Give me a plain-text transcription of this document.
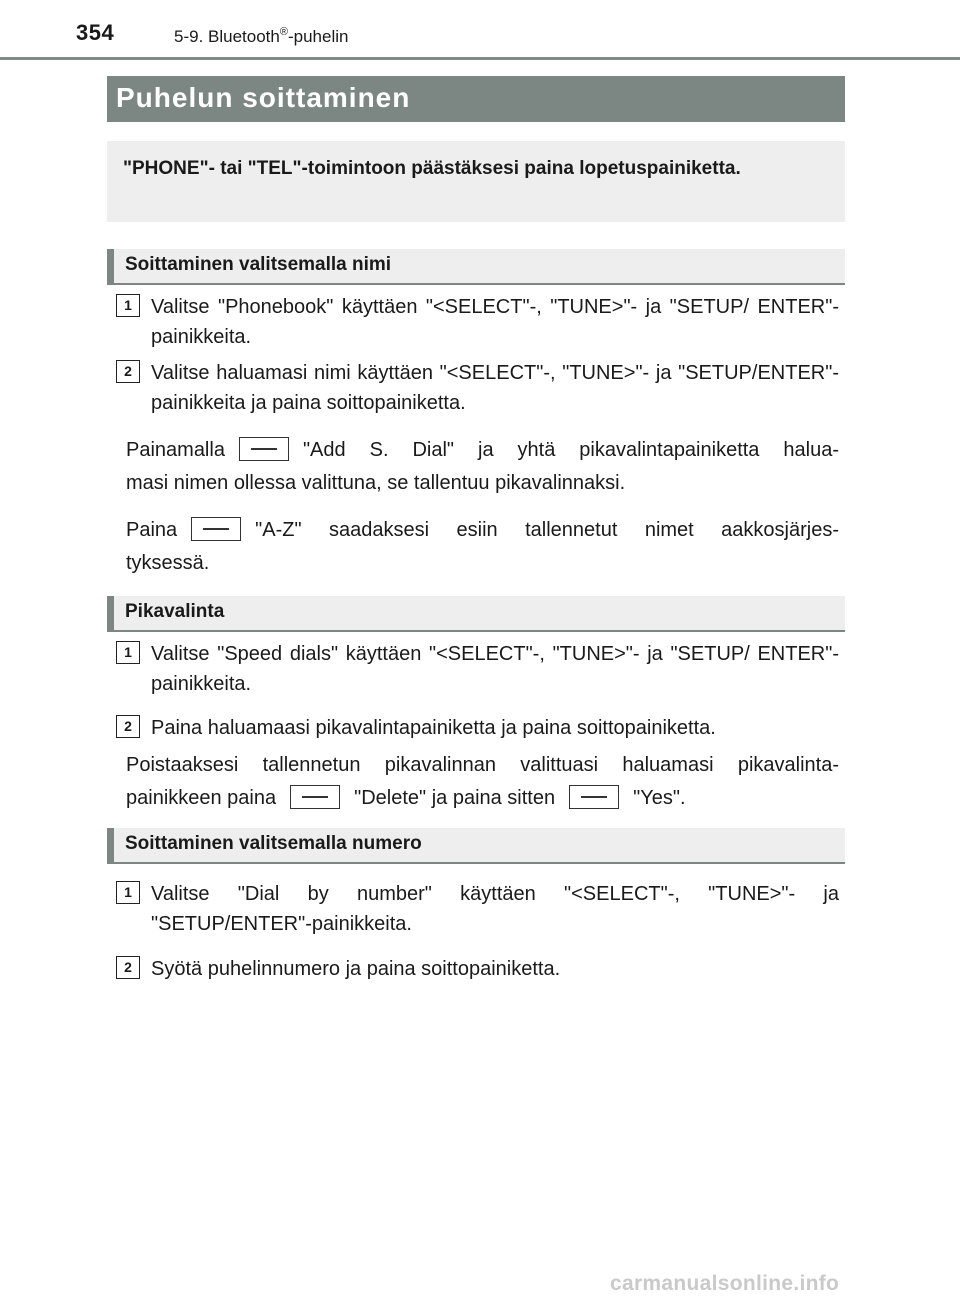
354	5-9. Bluetooth®-puhelin
Puhelun soittaminen
"PHONE"- tai "TEL"-toimintoon päästäksesi paina lopetuspainiketta.
Soittaminen valitsemalla nimi
1 Valitse "Phonebook" käyttäen "<SELECT"-, "TUNE>"- ja "SETUP/ ENTER"-painikkeita.
2 Valitse haluamasi nimi käyttäen "<SELECT"-, "TUNE>"- ja "SETUP/ENTER"-painikkeita ja paina soittopainiketta.
Painamalla	"Add S. Dial" ja yhtä pikavalintapainiketta halua-
masi nimen ollessa valittuna, se tallentuu pikavalinnaksi.
Paina	"A-Z" saadaksesi esiin tallennetut nimet aakkosjärjes-
tyksessä.
Pikavalinta
1 Valitse "Speed dials" käyttäen "<SELECT"-, "TUNE>"- ja "SETUP/ ENTER"-painikkeita.
2 Paina haluamaasi pikavalintapainiketta ja paina soittopainiketta.
Poistaaksesi tallennetun pikavalinnan valittuasi haluamasi pikavalinta-
painikkeen paina	"Delete" ja paina sitten	"Yes".
Soittaminen valitsemalla numero
1 Valitse "Dial by number" käyttäen "<SELECT"-, "TUNE>"- ja "SETUP/ENTER"-painikkeita.
2 Syötä puhelinnumero ja paina soittopainiketta.
carmanualsonline.info
